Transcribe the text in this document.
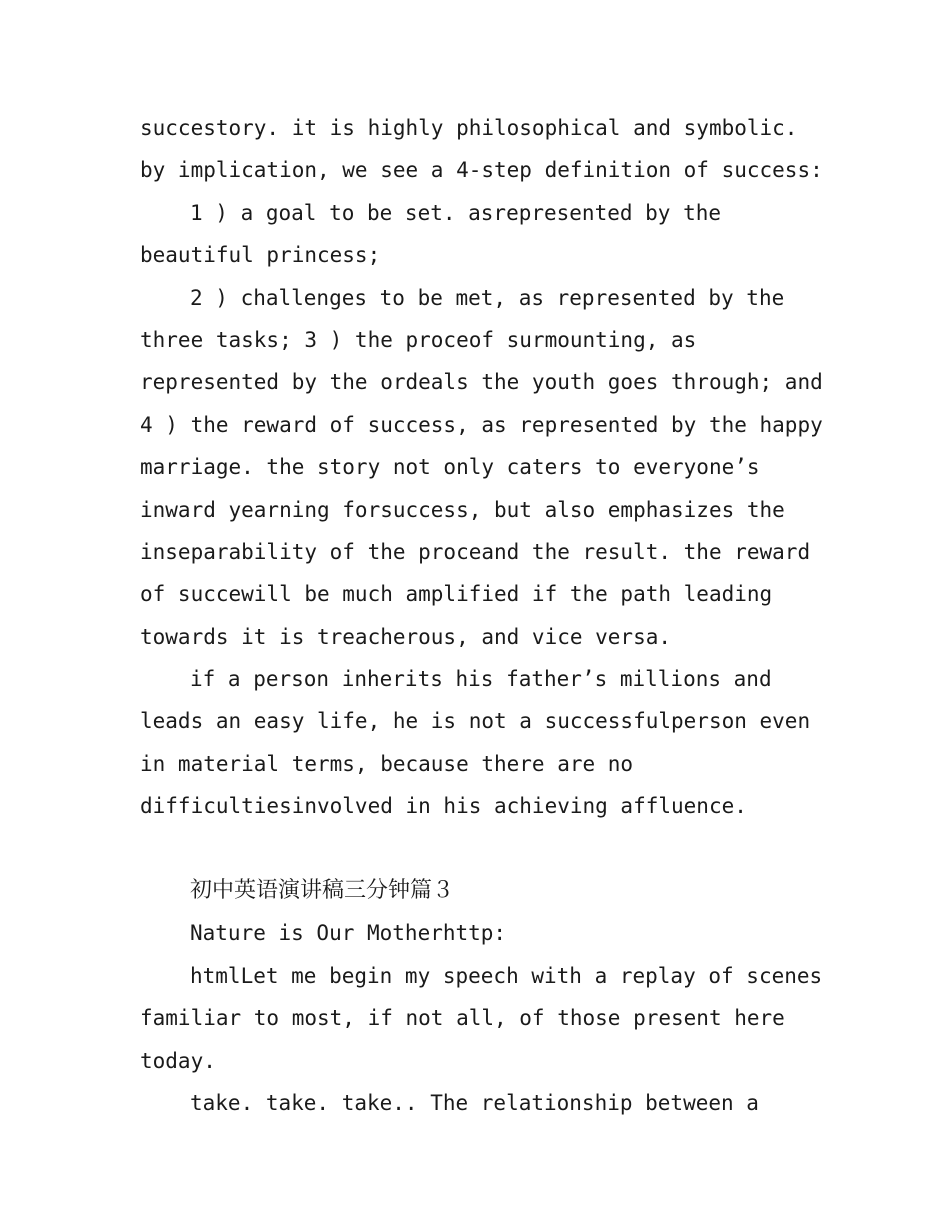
succestory. it is highly philosophical and symbolic.
by implication, we see a 4-step definition of success:
1 ) a goal to be set. asrepresented by the
beautiful princess;
2 ) challenges to be met, as represented by the
three tasks; 3 ) the proceof surmounting, as
represented by the ordeals the youth goes through; and
4 ) the reward of success, as represented by the happy
marriage. the story not only caters to everyone’s
inward yearning forsuccess, but also emphasizes the
inseparability of the proceand the result. the reward
of succewill be much amplified if the path leading
towards it is treacherous, and vice versa.
if a person inherits his father’s millions and
leads an easy life, he is not a successfulperson even
in material terms, because there are no
difficultiesinvolved in his achieving affluence.
初中英语演讲稿三分钟篇３
Nature is Our Motherhttp:
htmlLet me begin my speech with a replay of scenes
familiar to most, if not all, of those present here
today.
take. take. take.. The relationship between a
